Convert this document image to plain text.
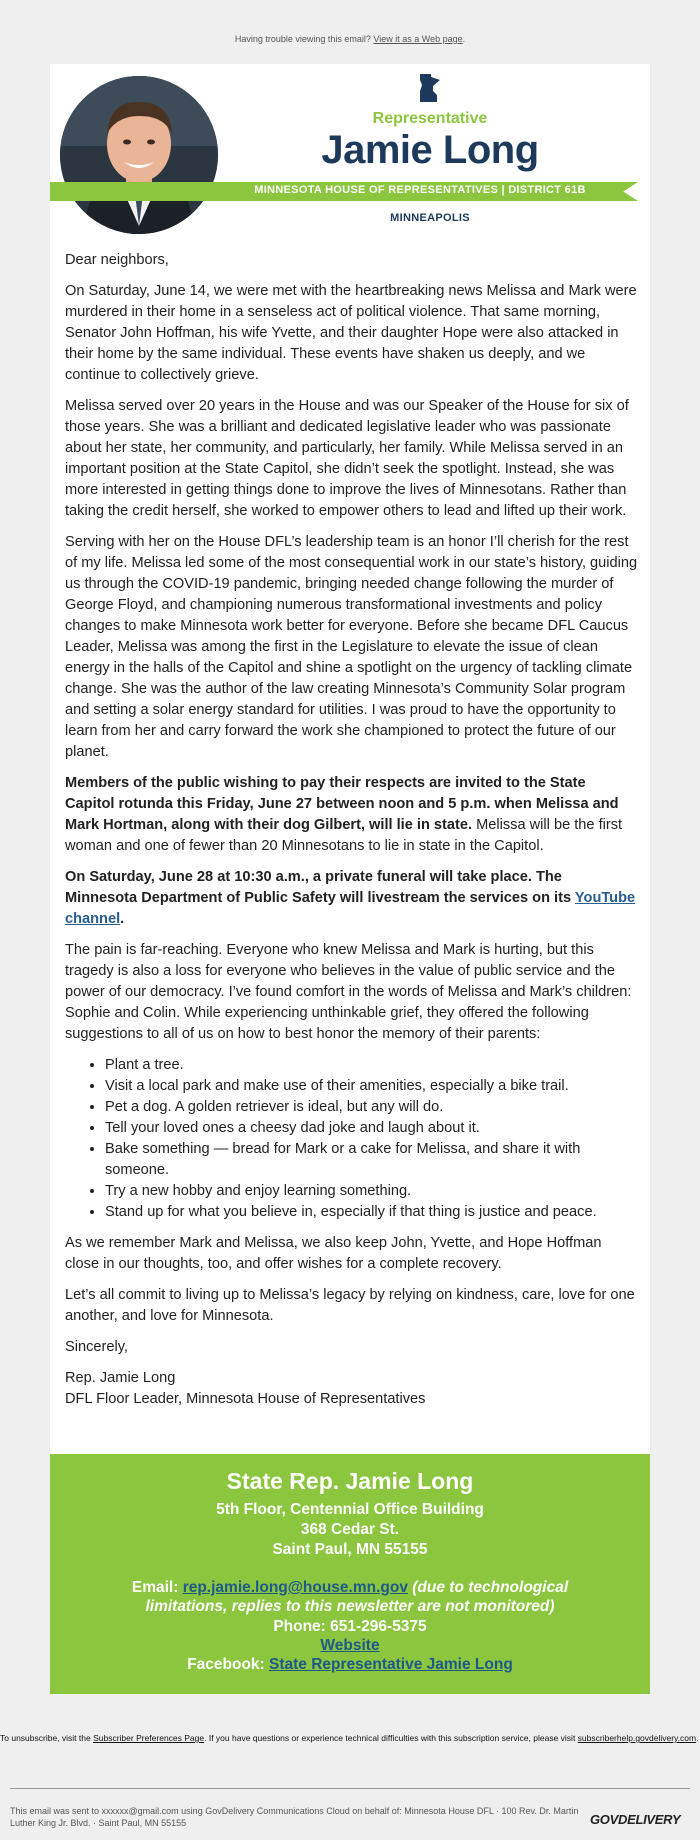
Having trouble viewing this email? View it as a Web page.
Representative
Jamie Long
MINNESOTA HOUSE OF REPRESENTATIVES | DISTRICT 61B
MINNEAPOLIS

Dear neighbors,

On Saturday, June 14, we were met with the heartbreaking news Melissa and Mark were murdered in their home in a senseless act of political violence. That same morning, Senator John Hoffman, his wife Yvette, and their daughter Hope were also attacked in their home by the same individual. These events have shaken us deeply, and we continue to collectively grieve.

Melissa served over 20 years in the House and was our Speaker of the House for six of those years. She was a brilliant and dedicated legislative leader who was passionate about her state, her community, and particularly, her family. While Melissa served in an important position at the State Capitol, she didn’t seek the spotlight. Instead, she was more interested in getting things done to improve the lives of Minnesotans. Rather than taking the credit herself, she worked to empower others to lead and lifted up their work.

Serving with her on the House DFL’s leadership team is an honor I’ll cherish for the rest of my life. Melissa led some of the most consequential work in our state’s history, guiding us through the COVID-19 pandemic, bringing needed change following the murder of George Floyd, and championing numerous transformational investments and policy changes to make Minnesota work better for everyone. Before she became DFL Caucus Leader, Melissa was among the first in the Legislature to elevate the issue of clean energy in the halls of the Capitol and shine a spotlight on the urgency of tackling climate change. She was the author of the law creating Minnesota’s Community Solar program and setting a solar energy standard for utilities. I was proud to have the opportunity to learn from her and carry forward the work she championed to protect the future of our planet.

Members of the public wishing to pay their respects are invited to the State Capitol rotunda this Friday, June 27 between noon and 5 p.m. when Melissa and Mark Hortman, along with their dog Gilbert, will lie in state. Melissa will be the first woman and one of fewer than 20 Minnesotans to lie in state in the Capitol.

On Saturday, June 28 at 10:30 a.m., a private funeral will take place. The Minnesota Department of Public Safety will livestream the services on its YouTube channel.

The pain is far-reaching. Everyone who knew Melissa and Mark is hurting, but this tragedy is also a loss for everyone who believes in the value of public service and the power of our democracy. I’ve found comfort in the words of Melissa and Mark’s children: Sophie and Colin. While experiencing unthinkable grief, they offered the following suggestions to all of us on how to best honor the memory of their parents:

• Plant a tree.
• Visit a local park and make use of their amenities, especially a bike trail.
• Pet a dog. A golden retriever is ideal, but any will do.
• Tell your loved ones a cheesy dad joke and laugh about it.
• Bake something — bread for Mark or a cake for Melissa, and share it with someone.
• Try a new hobby and enjoy learning something.
• Stand up for what you believe in, especially if that thing is justice and peace.

As we remember Mark and Melissa, we also keep John, Yvette, and Hope Hoffman close in our thoughts, too, and offer wishes for a complete recovery.

Let’s all commit to living up to Melissa’s legacy by relying on kindness, care, love for one another, and love for Minnesota.

Sincerely,

Rep. Jamie Long
DFL Floor Leader, Minnesota House of Representatives

State Rep. Jamie Long
5th Floor, Centennial Office Building
368 Cedar St.
Saint Paul, MN 55155
Email: rep.jamie.long@house.mn.gov (due to technological limitations, replies to this newsletter are not monitored)
Phone: 651-296-5375
Website
Facebook: State Representative Jamie Long
To unsubscribe, visit the Subscriber Preferences Page. If you have questions or experience technical difficulties with this subscription service, please visit subscriberhelp.govdelivery.com.
This email was sent to xxxxxx@gmail.com using GovDelivery Communications Cloud on behalf of: Minnesota House DFL · 100 Rev. Dr. Martin Luther King Jr. Blvd. · Saint Paul, MN 55155	GOVDELIVERY
